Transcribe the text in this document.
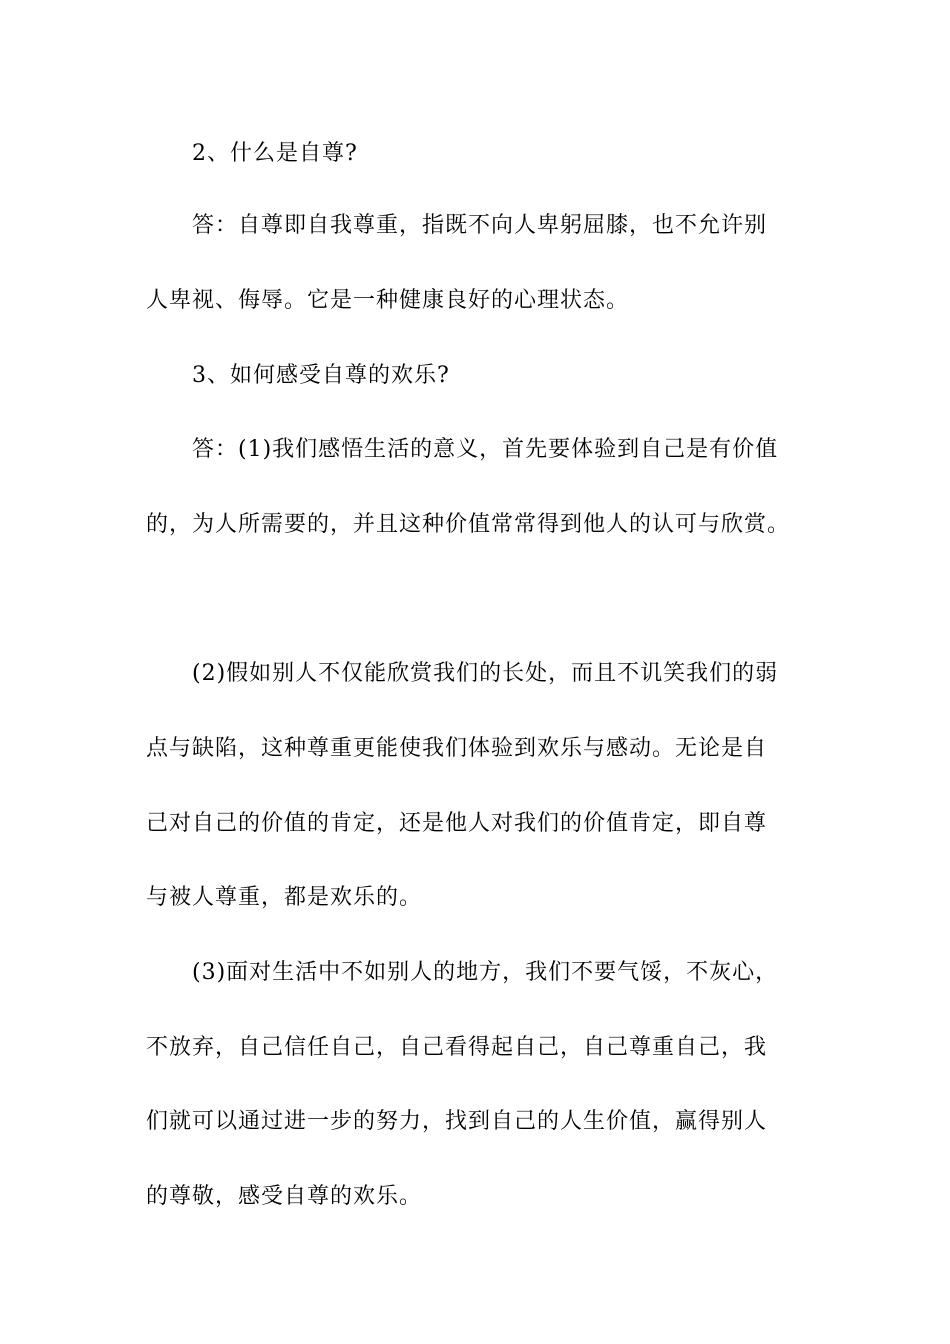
2、什么是自尊?
答：自尊即自我尊重，指既不向人卑躬屈膝，也不允许别
人卑视、侮辱。它是一种健康良好的心理状态。
3、如何感受自尊的欢乐?
答：(1)我们感悟生活的意义，首先要体验到自己是有价值
的，为人所需要的，并且这种价值常常得到他人的认可与欣赏。
(2)假如别人不仅能欣赏我们的长处，而且不讥笑我们的弱
点与缺陷，这种尊重更能使我们体验到欢乐与感动。无论是自
己对自己的价值的肯定，还是他人对我们的价值肯定，即自尊
与被人尊重，都是欢乐的。
(3)面对生活中不如别人的地方，我们不要气馁，不灰心，
不放弃，自己信任自己，自己看得起自己，自己尊重自己，我
们就可以通过进一步的努力，找到自己的人生价值，赢得别人
的尊敬，感受自尊的欢乐。
